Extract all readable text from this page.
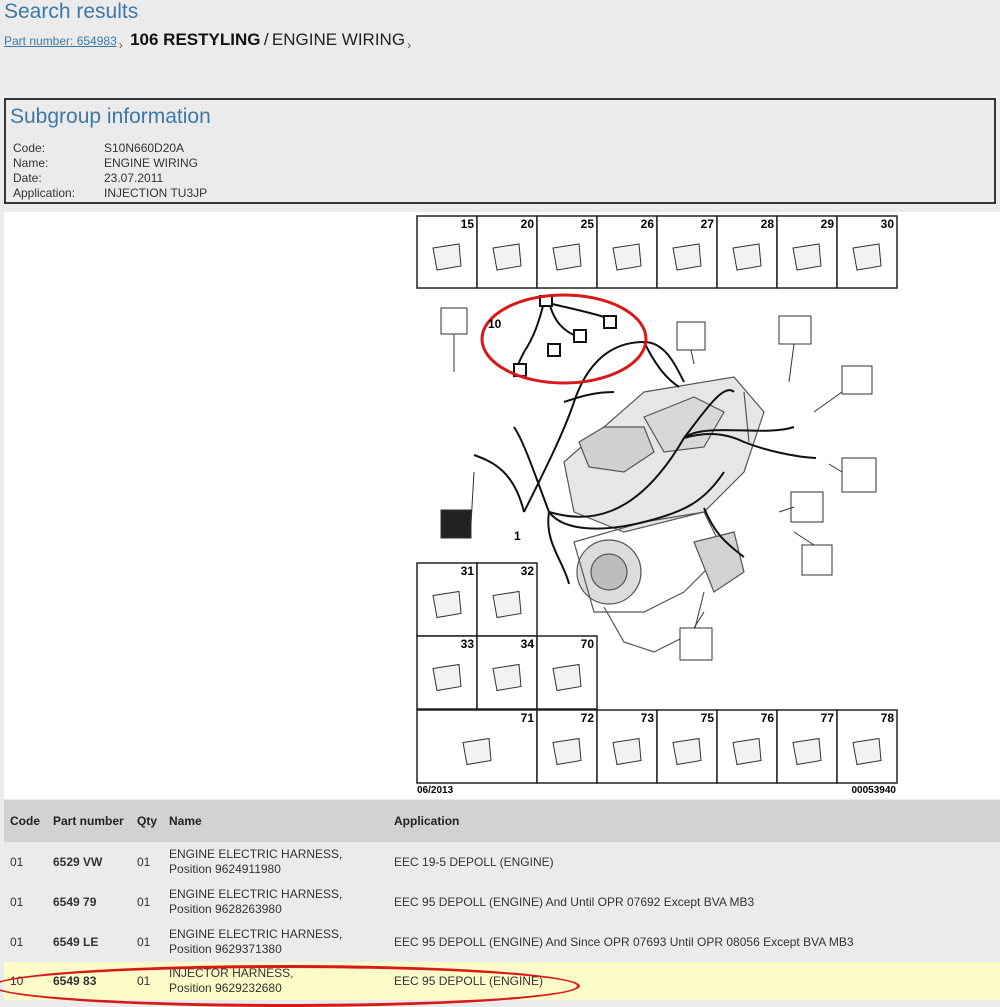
Search results
Part number: 654983 › 106 RESTYLING / ENGINE WIRING ›
Subgroup information
Code:	S10N660D20A
Name:	ENGINE WIRING
Date:	23.07.2011
Application: INJECTION TU3JP
15	20	25	26	27	28	29	30
31	32
33	34	70
71	72	73	75	76	77	78
10
1
06/2013	00053940
Code	Part number	Qty	Name	Application
01	6529 VW	01	ENGINE ELECTRIC HARNESS,
Position 9624911980	EEC 19-5 DEPOLL (ENGINE)
01	6549 79	01	ENGINE ELECTRIC HARNESS,
Position 9628263980	EEC 95 DEPOLL (ENGINE) And Until OPR 07692 Except BVA MB3
01	6549 LE	01	ENGINE ELECTRIC HARNESS,
Position 9629371380	EEC 95 DEPOLL (ENGINE) And Since OPR 07693 Until OPR 08056 Except BVA MB3
10	6549 83	01	INJECTOR HARNESS,
Position 9629232680	EEC 95 DEPOLL (ENGINE)
